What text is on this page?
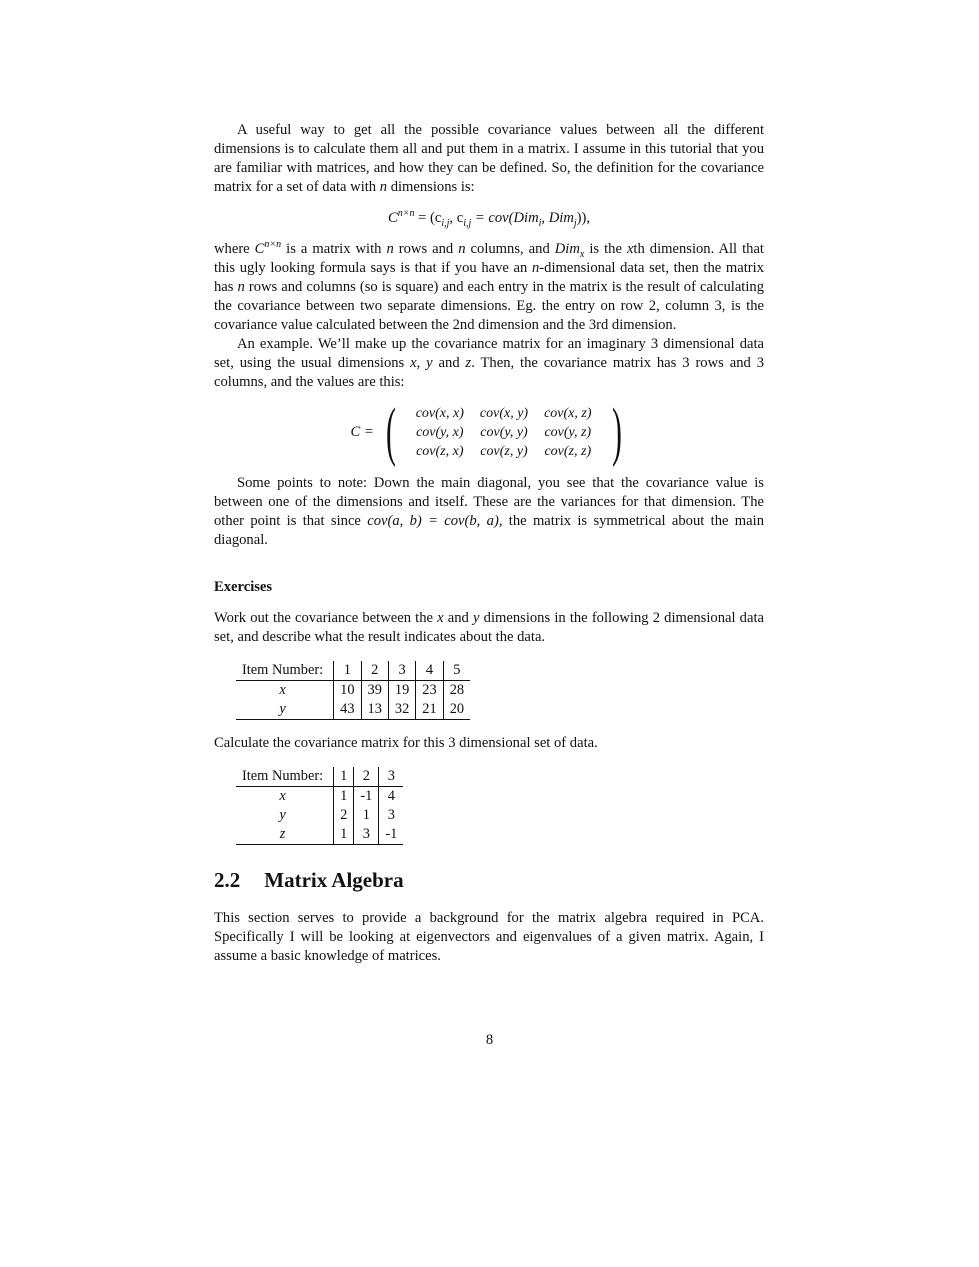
A useful way to get all the possible covariance values between all the different dimensions is to calculate them all and put them in a matrix. I assume in this tutorial that you are familiar with matrices, and how they can be defined. So, the definition for the covariance matrix for a set of data with n dimensions is:

$C^{n\times n} = (c_{i,j}$, $c_{i,j} = cov(Dim_i$, Dim$_j$)),

where $C^{n\times n}$ is a matrix with n rows and n columns, and Dim$_x$ is the xth dimension. All that this ugly looking formula says is that if you have an n-dimensional data set, then the matrix has n rows and columns (so is square) and each entry in the matrix is the result of calculating the covariance between two separate dimensions. Eg. the entry on row 2, column 3, is the covariance value calculated between the 2nd dimension and the 3rd dimension.

An example. We’ll make up the covariance matrix for an imaginary 3 dimensional data set, using the usual dimensions x, y and z. Then, the covariance matrix has 3 rows and 3 columns, and the values are this:

C = ( cov(x, x)	cov(x, y)	cov(x, z)
cov(y, x)	cov(y, y)	cov(y, z)
cov(z, x)	cov(z, y)	cov(z, z) )

Some points to note: Down the main diagonal, you see that the covariance value is between one of the dimensions and itself. These are the variances for that dimension. The other point is that since cov(a, b) = cov(b, a), the matrix is symmetrical about the main diagonal.

Exercises

Work out the covariance between the x and y dimensions in the following 2 dimensional data set, and describe what the result indicates about the data.

Item Number:	1	2	3	4	5
x	10	39	19	23	28
y	43	13	32	21	20

Calculate the covariance matrix for this 3 dimensional set of data.

Item Number:	1	2	3
x	1	-1	4
y	2	1	3
z	1	3	-1
2.2 Matrix Algebra

This section serves to provide a background for the matrix algebra required in PCA. Specifically I will be looking at eigenvectors and eigenvalues of a given matrix. Again, I assume a basic knowledge of matrices.

8
